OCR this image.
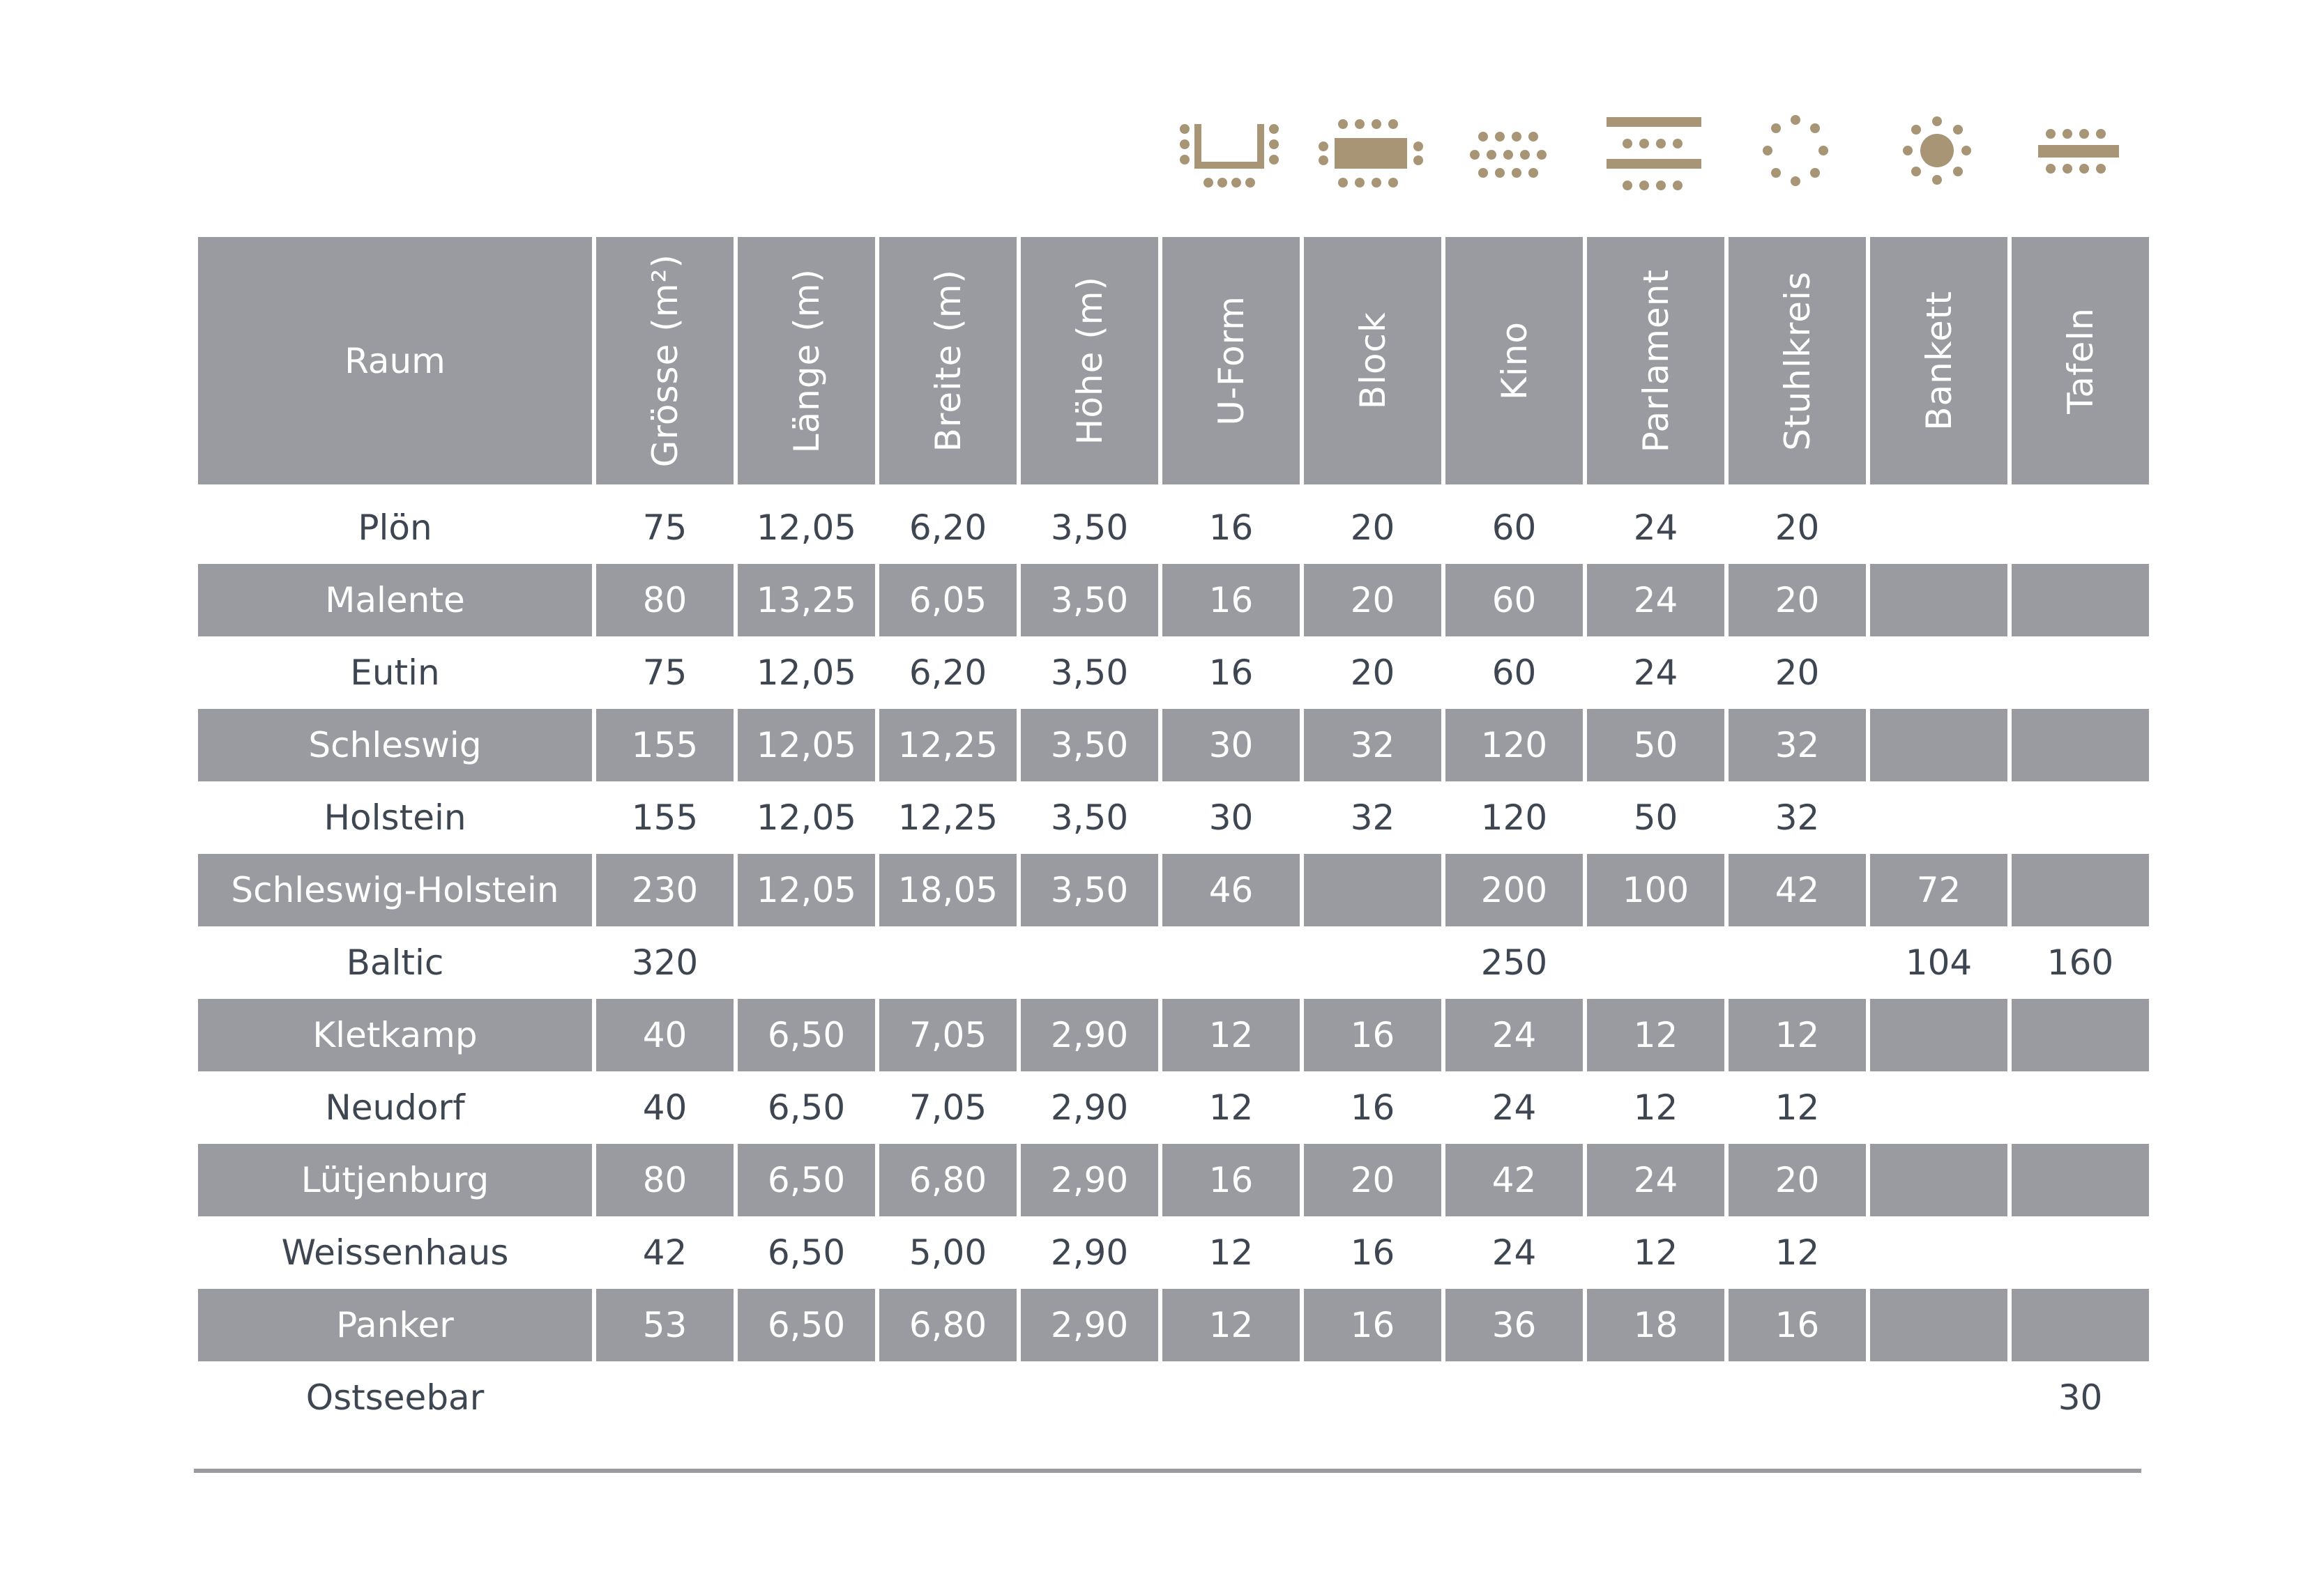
Raum	Grösse (m²)	Länge (m)	Breite (m)	Höhe (m)	U-Form	Block	Kino	Parlament	Stuhlkreis	Bankett	Tafeln

Plön	75	12,05	6,20	3,50	16	20	60	24	20		
Malente	80	13,25	6,05	3,50	16	20	60	24	20		
Eutin	75	12,05	6,20	3,50	16	20	60	24	20		
Schleswig	155	12,05	12,25	3,50	30	32	120	50	32		
Holstein	155	12,05	12,25	3,50	30	32	120	50	32		
Schleswig-Holstein	230	12,05	18,05	3,50	46		200	100	42	72	
Baltic	320						250			104	160
Kletkamp	40	6,50	7,05	2,90	12	16	24	12	12		
Neudorf	40	6,50	7,05	2,90	12	16	24	12	12		
Lütjenburg	80	6,50	6,80	2,90	16	20	42	24	20		
Weissenhaus	42	6,50	5,00	2,90	12	16	24	12	12		
Panker	53	6,50	6,80	2,90	12	16	36	18	16		
Ostseebar											30
